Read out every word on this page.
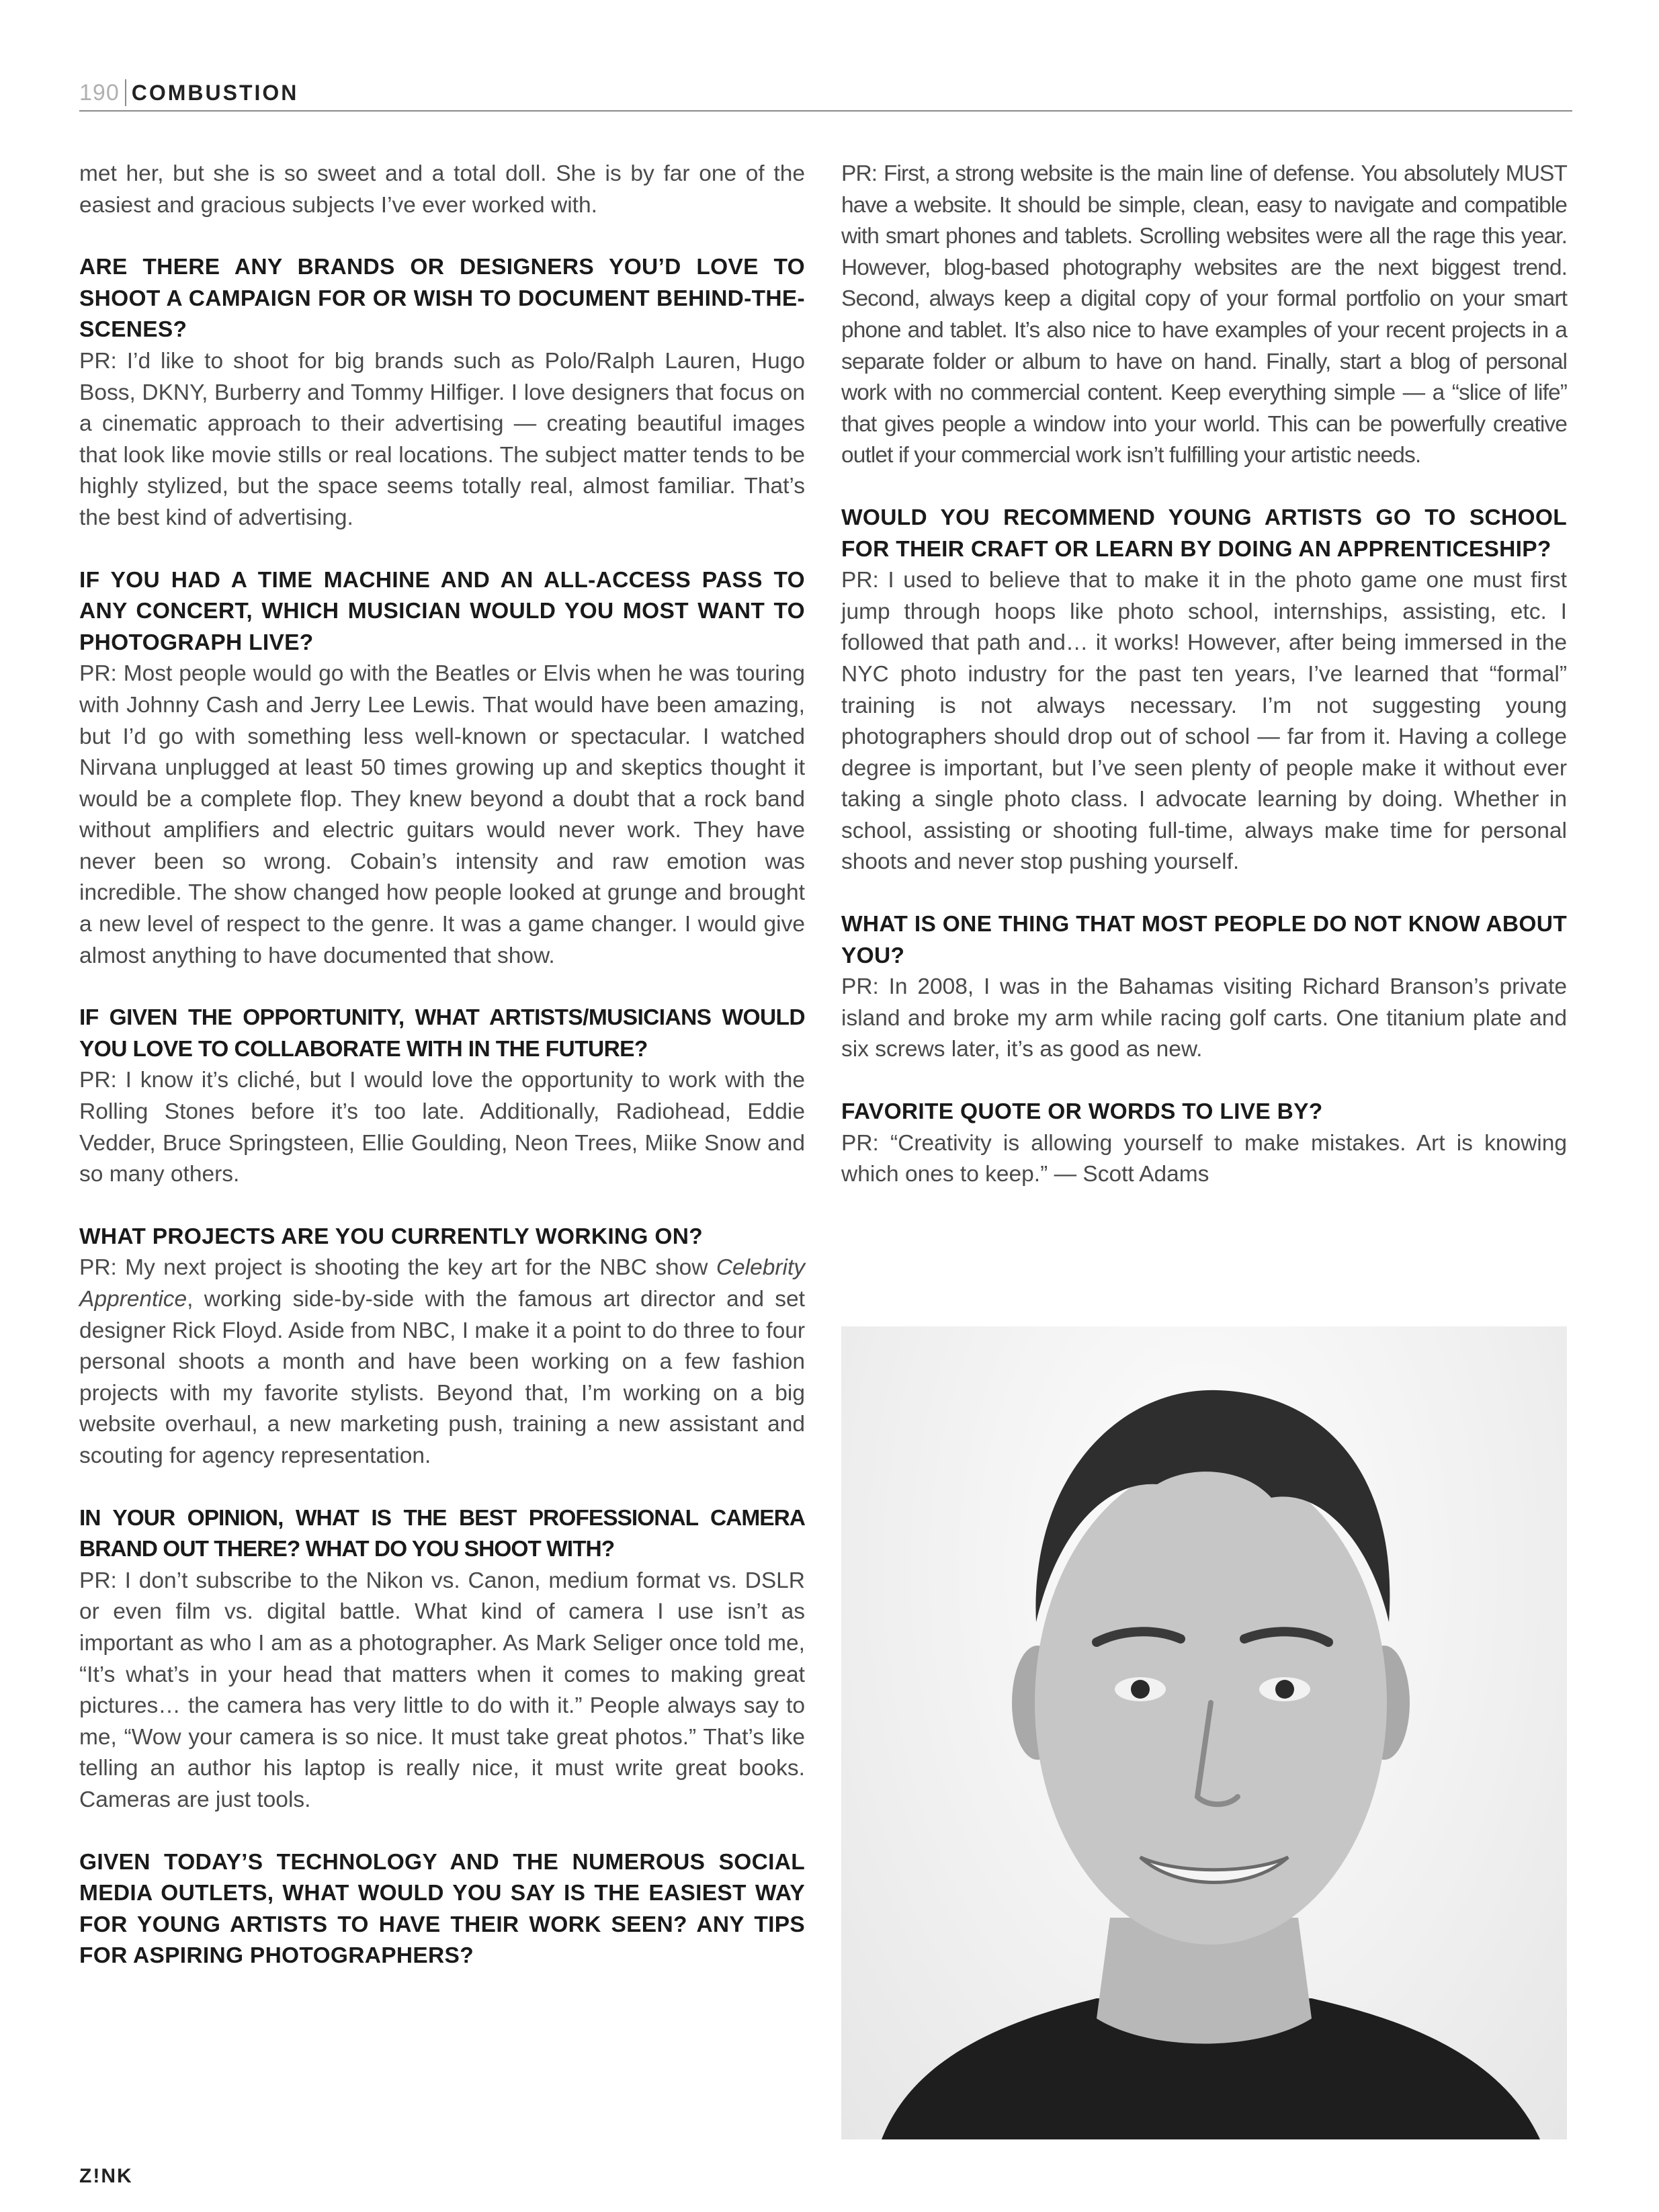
190 COMBUSTION

met her, but she is so sweet and a total doll. She is by far one of the easiest and gracious subjects I’ve ever worked with.

ARE THERE ANY BRANDS OR DESIGNERS YOU’D LOVE TO SHOOT A CAMPAIGN FOR OR WISH TO DOCUMENT BEHIND-THE-SCENES?

PR: I’d like to shoot for big brands such as Polo/Ralph Lauren, Hugo Boss, DKNY, Burberry and Tommy Hilfiger. I love designers that focus on a cinematic approach to their advertising — creating beautiful images that look like movie stills or real locations. The subject matter tends to be highly stylized, but the space seems totally real, almost familiar. That’s the best kind of advertising.

IF YOU HAD A TIME MACHINE AND AN ALL-ACCESS PASS TO ANY CONCERT, WHICH MUSICIAN WOULD YOU MOST WANT TO PHOTOGRAPH LIVE?

PR: Most people would go with the Beatles or Elvis when he was touring with Johnny Cash and Jerry Lee Lewis. That would have been amazing, but I’d go with something less well-known or spectacular. I watched Nirvana unplugged at least 50 times growing up and skeptics thought it would be a complete flop. They knew beyond a doubt that a rock band without amplifiers and electric guitars would never work. They have never been so wrong. Cobain’s intensity and raw emotion was incredible. The show changed how people looked at grunge and brought a new level of respect to the genre. It was a game changer. I would give almost anything to have documented that show.

IF GIVEN THE OPPORTUNITY, WHAT ARTISTS/MUSICIANS WOULD YOU LOVE TO COLLABORATE WITH IN THE FUTURE?

PR: I know it’s cliché, but I would love the opportunity to work with the Rolling Stones before it’s too late. Additionally, Radiohead, Eddie Vedder, Bruce Springsteen, Ellie Goulding, Neon Trees, Miike Snow and so many others.

WHAT PROJECTS ARE YOU CURRENTLY WORKING ON?

PR: My next project is shooting the key art for the NBC show Celebrity Apprentice, working side-by-side with the famous art director and set designer Rick Floyd. Aside from NBC, I make it a point to do three to four personal shoots a month and have been working on a few fashion projects with my favorite stylists. Beyond that, I’m working on a big website overhaul, a new marketing push, training a new assistant and scouting for agency representation.

IN YOUR OPINION, WHAT IS THE BEST PROFESSIONAL CAMERA BRAND OUT THERE? WHAT DO YOU SHOOT WITH?

PR: I don’t subscribe to the Nikon vs. Canon, medium format vs. DSLR or even film vs. digital battle. What kind of camera I use isn’t as important as who I am as a photographer. As Mark Seliger once told me, “It’s what’s in your head that matters when it comes to making great pictures… the camera has very little to do with it.” People always say to me, “Wow your camera is so nice. It must take great photos.” That’s like telling an author his laptop is really nice, it must write great books. Cameras are just tools.

GIVEN TODAY’S TECHNOLOGY AND THE NUMEROUS SOCIAL MEDIA OUTLETS, WHAT WOULD YOU SAY IS THE EASIEST WAY FOR YOUNG ARTISTS TO HAVE THEIR WORK SEEN? ANY TIPS FOR ASPIRING PHOTOGRAPHERS?

PR: First, a strong website is the main line of defense. You absolutely MUST have a website. It should be simple, clean, easy to navigate and compatible with smart phones and tablets. Scrolling websites were all the rage this year. However, blog-based photography websites are the next biggest trend. Second, always keep a digital copy of your formal portfolio on your smart phone and tablet. It’s also nice to have examples of your recent projects in a separate folder or album to have on hand. Finally, start a blog of personal work with no commercial content. Keep everything simple — a “slice of life” that gives people a window into your world. This can be powerfully creative outlet if your commercial work isn’t fulfilling your artistic needs.

WOULD YOU RECOMMEND YOUNG ARTISTS GO TO SCHOOL FOR THEIR CRAFT OR LEARN BY DOING AN APPRENTICESHIP?

PR: I used to believe that to make it in the photo game one must first jump through hoops like photo school, internships, assisting, etc. I followed that path and… it works! However, after being immersed in the NYC photo industry for the past ten years, I’ve learned that “formal” training is not always necessary. I’m not suggesting young photographers should drop out of school — far from it. Having a college degree is important, but I’ve seen plenty of people make it without ever taking a single photo class. I advocate learning by doing. Whether in school, assisting or shooting full-time, always make time for personal shoots and never stop pushing yourself.

WHAT IS ONE THING THAT MOST PEOPLE DO NOT KNOW ABOUT YOU?

PR: In 2008, I was in the Bahamas visiting Richard Branson’s private island and broke my arm while racing golf carts. One titanium plate and six screws later, it’s as good as new.

FAVORITE QUOTE OR WORDS TO LIVE BY?

PR: “Creativity is allowing yourself to make mistakes. Art is knowing which ones to keep.” — Scott Adams

Z!NK
